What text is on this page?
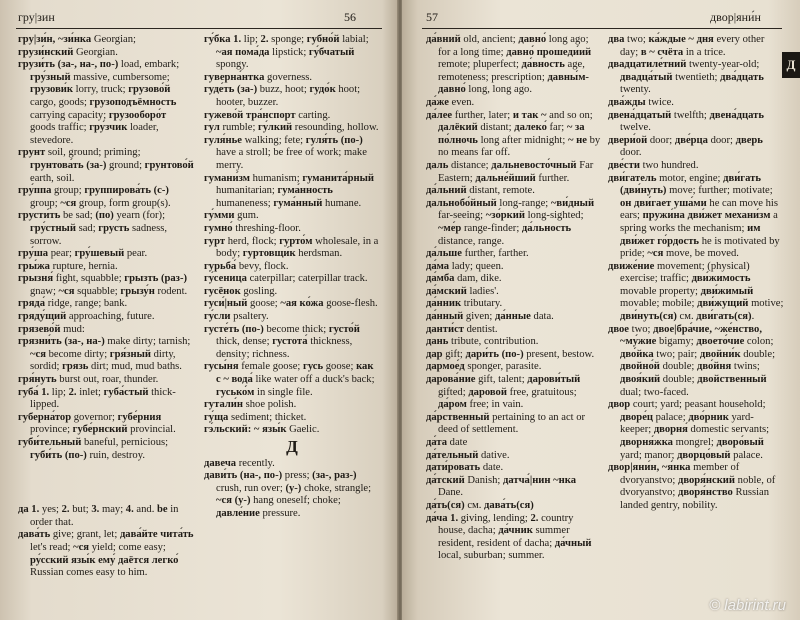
гру|зин	56

гру|зи́н, ~зи́нка Georgian;

грузи́нский Georgian.

грузи́ть (за-, на-, по-) load, embark; гру́зный massive, cumbersome; грузови́к lorry, truck; грузово́й cargo, goods; грузоподъёмность carrying capacity; грузооборо́т goods traffic; гру́зчик loader, stevedore.

грунт soil, ground; priming; грунтова́ть (за-) ground; грунтово́й earth, soil.

гру́ппа group; группирова́ть (с-) group; ~ся group, form group(s).

грусти́ть be sad; (по) yearn (for); гру́стный sad; грусть sadness, sorrow.

гру́ша pear; гру́шевый pear.

гры́жа rupture, hernia.

грызня́ fight, squabble; грызть (раз-) gnaw; ~ся squabble; грызу́н rodent.

гряда́ ridge, range; bank.

гряду́щий approaching, future.

грязево́й mud:

грязни́ть (за-, на-) make dirty; tarnish; ~ся become dirty; гря́зный dirty, sordid; грязь dirt; mud, mud baths.

гря́нуть burst out, roar, thunder.

губа́ 1. lip; 2. inlet; губа́стый thick-lipped.

губерна́тор governor; губе́рния province; губе́рнский provincial.

губи́тельный baneful, pernicious; губи́ть (по-) ruin, destroy.

да 1. yes; 2. but; 3. may; 4. and. be in order that.

дава́ть give; grant, let; дава́йте чита́ть let's read; ~ся yield; come easy; ру́сский язы́к ему́ даётся легко́ Russian comes easy to him.

гу́бка 1. lip; 2. sponge; губно́й labial; ~ая пома́да lipstick; гу́бчатый spongy.

гуверна́нтка governess.

гуде́ть (за-) buzz, hoot; гудо́к hoot; hooter, buzzer.

гужево́й тра́нспорт carting.

гул rumble; гу́лкий resounding, hollow.

гуля́нье walking; fete; гуля́ть (по-) have a stroll; be free of work; make merry.

гумани́зм humanism; гуманита́рный humanitarian; гума́нность humaneness; гума́нный humane.

гу́мми gum.

гумно́ threshing-floor.

гурт herd, flock; гурто́м wholesale, in a body; гуртовщи́к herdsman.

гурьба́ bevy, flock.

гу́сеница caterpillar; caterpillar track.

гусёнок gosling.

гуси́|ный goose; ~ая ко́жа goose-flesh.

гу́сли psaltery.

густе́ть (по-) become thick; густо́й thick, dense; густота́ thickness, density; richness.

гусы́ня female goose; гусь goose; как с ~ вода́ like water off a duck's back; гусько́м in single file.

гутали́н shoe polish.

гу́ща sediment; thicket.

гэ́льский: ~ язы́к Gaelic.

Д

давеча recently.

дави́ть (на-, по-) press; (за-, раз-) crush, run over; (у-) choke, strangle; ~ся (у-) hang oneself; choke; давле́ние pressure.

57	двор|яни́н
Д

да́вний old, ancient; давно́ long ago; for a long time; давно́ прошеди́ий remote; pluperfect; да́вность age, remoteness; prescription; давны́м-давно́ long, long ago.

да́же even.

да́лее further, later; и так ~ and so on; далёкий distant; далеко́ far; ~ за по́лночь long after midnight; ~ не by no means far off.

даль distance; дальневосто́чный Far Eastern; дальне́йший further.

да́льний distant, remote.

дальнобо́йный long-range; ~ви́дный far-seeing; ~зо́ркий long-sighted; ~ме́р range-finder; да́льность distance, range.

да́льше further, farther.

да́ма lady; queen.

да́мба dam, dike.

да́мский ladies'.

да́нник tributary.

да́нный given; да́нные data.

данти́ст dentist.

дань tribute, contribution.

дар gift; дари́ть (по-) present, bestow.

дармое́д sponger, parasite.

дарова́ние gift, talent; дарови́тый gifted; даровой free, gratuitous; да́ром free; in vain.

да́рственный pertaining to an act or deed of settlement.

да́та date

да́тельный dative.

дати́ровать date.

да́тский Danish; датча́|нин ~нка Dane.

да́ть(ся) см. дава́ть(ся)

да́ча 1. giving, lending; 2. country house, dacha; да́чник summer resident, resident of dacha; да́чный local, suburban; summer.

два two; ка́ждые ~ дня every other day; в ~ счёта in a trice.

двадцатиле́тний twenty-year-old; двадца́тый twentieth; два́дцать twenty.

два́жды twice.

двена́дцатый twelfth; двена́дцать twelve.

двери́ой door; две́рца door; дверь door.

две́сти two hundred.

дви́гатель motor, engine; дви́гать (дви́нуть) move; further; motivate; он дви́гает уша́ми he can move his ears; пружи́на дви́жет механи́зм a spring works the mechanism; им дви́жет го́рдость he is motivated by pride; ~ся move, be moved.

движе́ние movement; (physical) exercise; traffic; дви́жимость movable property; дви́жимый movable; mobile; дви́жущий motive; дви́нуть(ся) см. дви́гать(ся).

двое two; двое|бра́чие, ~же́нство, ~му́жие bigamy; двоето́чие colon; дво́йка two; pair; двойни́к double; двойно́й double; дво́йня twins; двоя́кий double; двойственный dual; two-faced.

двор court; yard; peasant household; дворе́ц palace; дво́рник yard-keeper; дворня́ domestic servants; дворня́жка mongrel; дворо́вый yard; manor; дворцо́вый palace.

двор|яни́н, ~я́нка member of dvoryanstvo; дворя́нский noble, of dvoryanstvo; дворя́нство Russian landed gentry, nobility.

© labirint.ru
